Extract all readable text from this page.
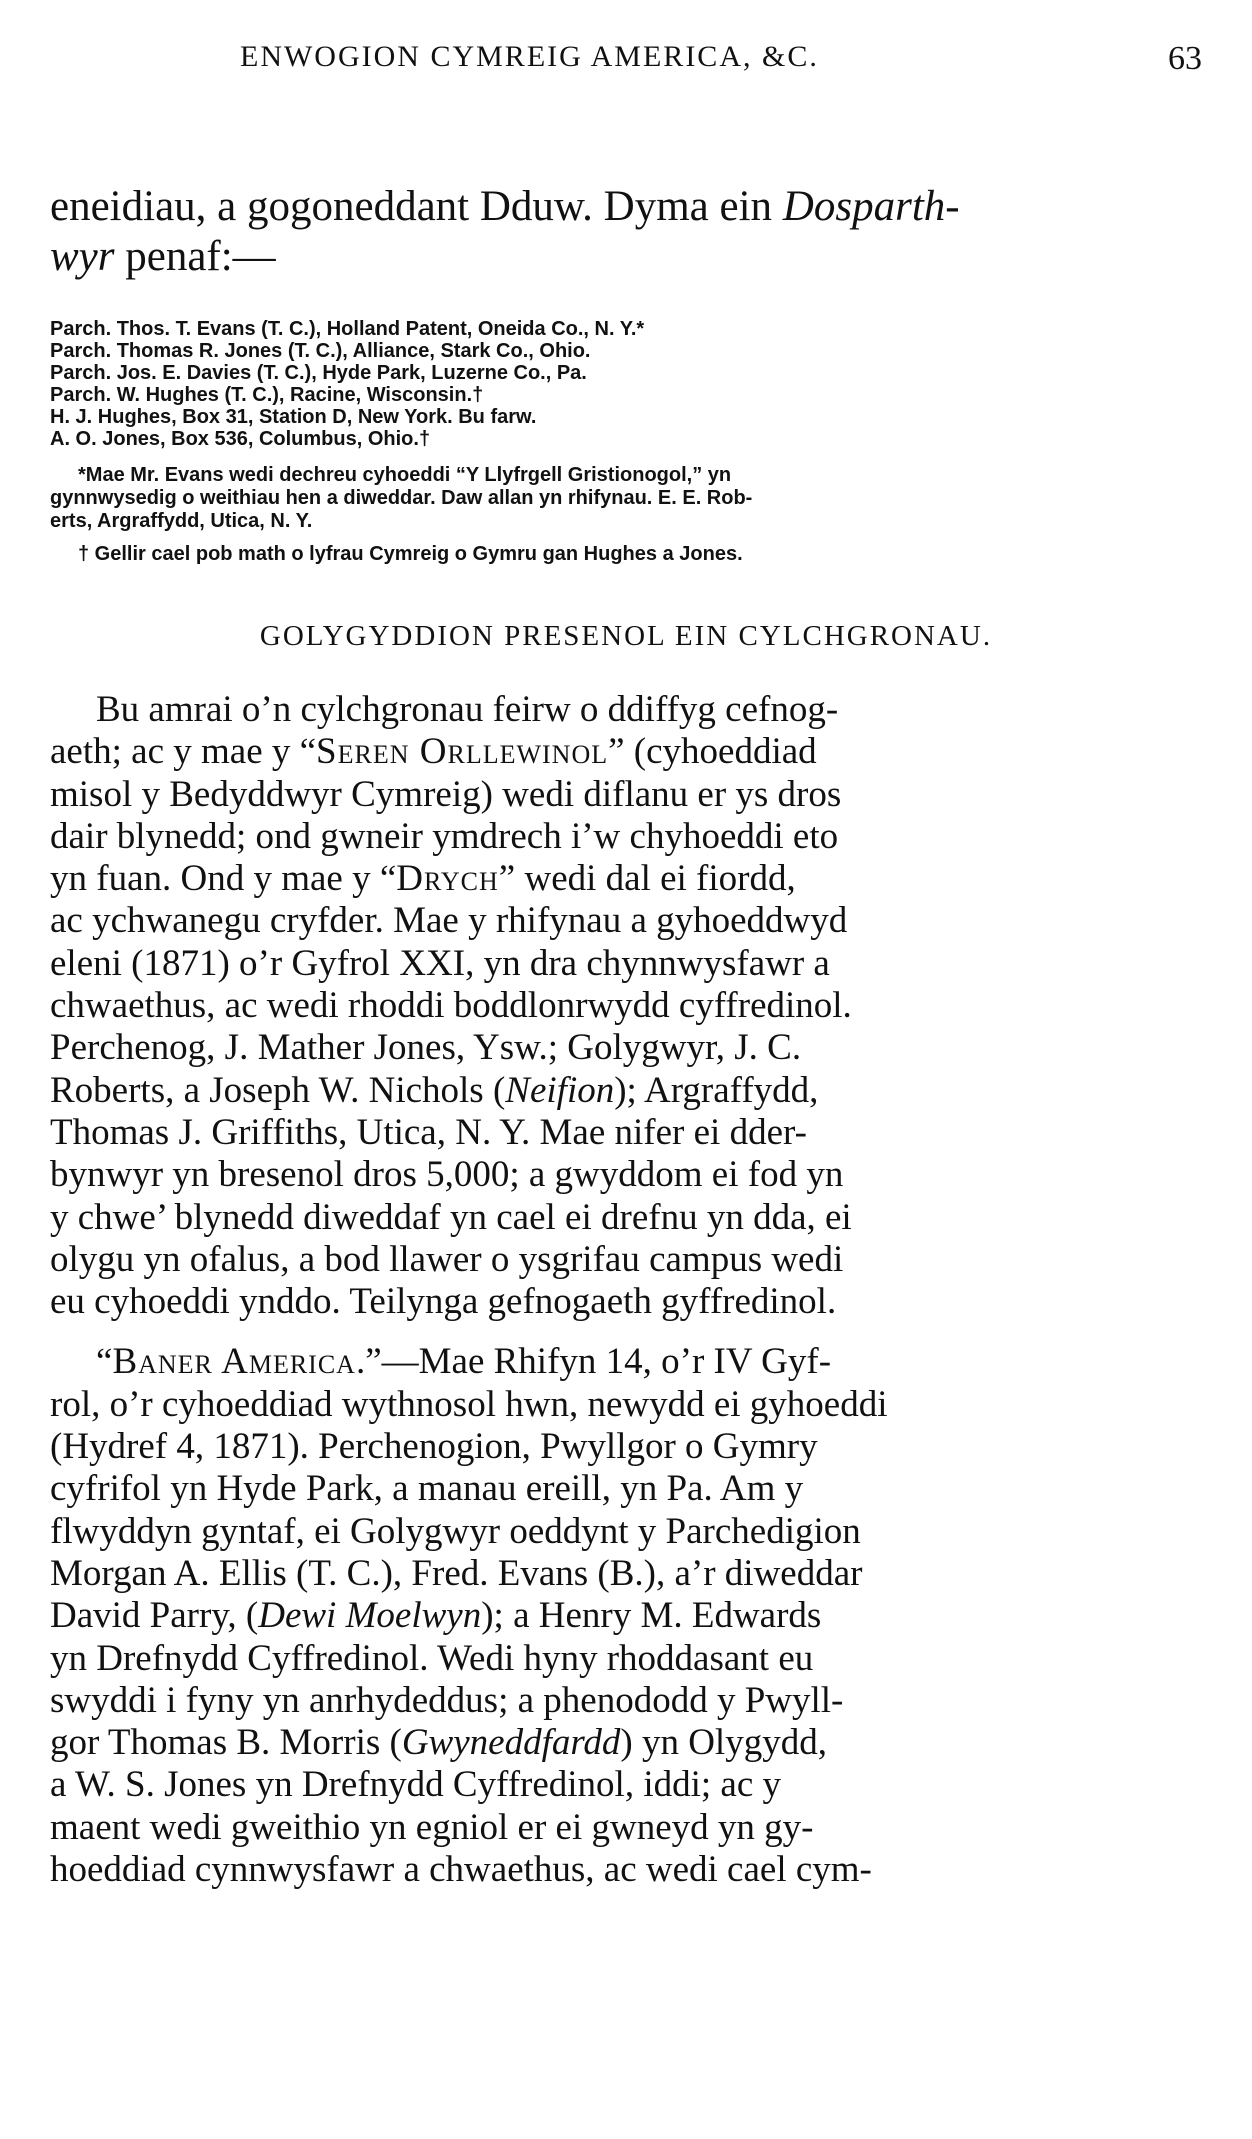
ENWOGION CYMREIG AMERICA, &C.	63

eneidiau, a gogoneddant Dduw. Dyma ein Dosparth-
wyr penaf:—

Parch. Thos. T. Evans (T. C.), Holland Patent, Oneida Co., N. Y.*
Parch. Thomas R. Jones (T. C.), Alliance, Stark Co., Ohio.
Parch. Jos. E. Davies (T. C.), Hyde Park, Luzerne Co., Pa.
Parch. W. Hughes (T. C.), Racine, Wisconsin.†
H. J. Hughes, Box 31, Station D, New York. Bu farw.
A. O. Jones, Box 536, Columbus, Ohio.†

*Mae Mr. Evans wedi dechreu cyhoeddi “Y Llyfrgell Gristionogol,” yn
gynnwysedig o weithiau hen a diweddar. Daw allan yn rhifynau. E. E. Rob-
erts, Argraffydd, Utica, N. Y.

† Gellir cael pob math o lyfrau Cymreig o Gymru gan Hughes a Jones.

GOLYGYDDION PRESENOL EIN CYLCHGRONAU.

Bu amrai o’n cylchgronau feirw o ddiffyg cefnog-
aeth; ac y mae y “Seren Orllewinol” (cyhoeddiad
misol y Bedyddwyr Cymreig) wedi diflanu er ys dros
dair blynedd; ond gwneir ymdrech i’w chyhoeddi eto
yn fuan. Ond y mae y “Drych” wedi dal ei fiordd,
ac ychwanegu cryfder. Mae y rhifynau a gyhoeddwyd
eleni (1871) o’r Gyfrol XXI, yn dra chynnwysfawr a
chwaethus, ac wedi rhoddi boddlonrwydd cyffredinol.
Perchenog, J. Mather Jones, Ysw.; Golygwyr, J. C.
Roberts, a Joseph W. Nichols (Neifion); Argraffydd,
Thomas J. Griffiths, Utica, N. Y. Mae nifer ei dder-
bynwyr yn bresenol dros 5,000; a gwyddom ei fod yn
y chwe’ blynedd diweddaf yn cael ei drefnu yn dda, ei
olygu yn ofalus, a bod llawer o ysgrifau campus wedi
eu cyhoeddi ynddo. Teilynga gefnogaeth gyffredinol.

“Baner America.”—Mae Rhifyn 14, o’r IV Gyf-
rol, o’r cyhoeddiad wythnosol hwn, newydd ei gyhoeddi
(Hydref 4, 1871). Perchenogion, Pwyllgor o Gymry
cyfrifol yn Hyde Park, a manau ereill, yn Pa. Am y
flwyddyn gyntaf, ei Golygwyr oeddynt y Parchedigion
Morgan A. Ellis (T. C.), Fred. Evans (B.), a’r diweddar
David Parry, (Dewi Moelwyn); a Henry M. Edwards
yn Drefnydd Cyffredinol. Wedi hyny rhoddasant eu
swyddi i fyny yn anrhydeddus; a phenododd y Pwyll-
gor Thomas B. Morris (Gwyneddfardd) yn Olygydd,
a W. S. Jones yn Drefnydd Cyffredinol, iddi; ac y
maent wedi gweithio yn egniol er ei gwneyd yn gy-
hoeddiad cynnwysfawr a chwaethus, ac wedi cael cym-
